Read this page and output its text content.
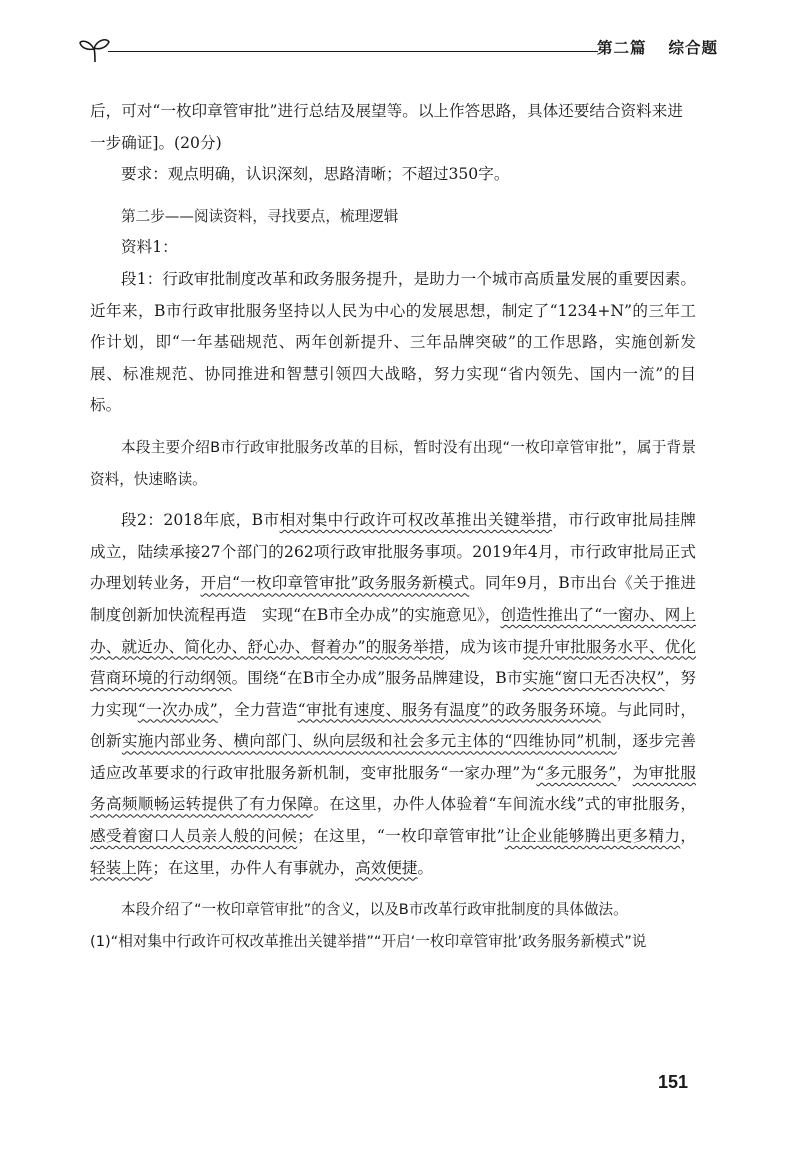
第二篇 综合题

后，可对“一枚印章管审批”进行总结及展望等。以上作答思路，具体还要结合资料来进
一步确证]。(20分)

要求：观点明确，认识深刻，思路清晰；不超过350字。

第二步——阅读资料，寻找要点，梳理逻辑

资料1：

段1：行政审批制度改革和政务服务提升，是助力一个城市高质量发展的重要因素。近年来，B市行政审批服务坚持以人民为中心的发展思想，制定了“1234+N”的三年工作计划，即“一年基础规范、两年创新提升、三年品牌突破”的工作思路，实施创新发展、标准规范、协同推进和智慧引领四大战略，努力实现“省内领先、国内一流”的目标。

本段主要介绍B市行政审批服务改革的目标，暂时没有出现“一枚印章管审批”，属于背景资料，快速略读。

段2：2018年底，B市相对集中行政许可权改革推出关键举措，市行政审批局挂牌成立，陆续承接27个部门的262项行政审批服务事项。2019年4月，市行政审批局正式办理划转业务，开启“一枚印章管审批”政务服务新模式。同年9月，B市出台《关于推进制度创新加快流程再造　实现“在B市全办成”的实施意见》，创造性推出了“一窗办、网上办、就近办、简化办、舒心办、督着办”的服务举措，成为该市提升审批服务水平、优化营商环境的行动纲领。围绕“在B市全办成”服务品牌建设，B市实施“窗口无否决权”，努力实现“一次办成”，全力营造“审批有速度、服务有温度”的政务服务环境。与此同时，创新实施内部业务、横向部门、纵向层级和社会多元主体的“四维协同”机制，逐步完善适应改革要求的行政审批服务新机制，变审批服务“一家办理”为“多元服务”，为审批服务高频顺畅运转提供了有力保障。在这里，办件人体验着“车间流水线”式的审批服务，感受着窗口人员亲人般的问候；在这里，“一枚印章管审批”让企业能够腾出更多精力，轻装上阵；在这里，办件人有事就办，高效便捷。

本段介绍了“一枚印章管审批”的含义，以及B市改革行政审批制度的具体做法。

(1)“相对集中行政许可权改革推出关键举措”“开启‘一枚印章管审批’政务服务新模式”说

151
